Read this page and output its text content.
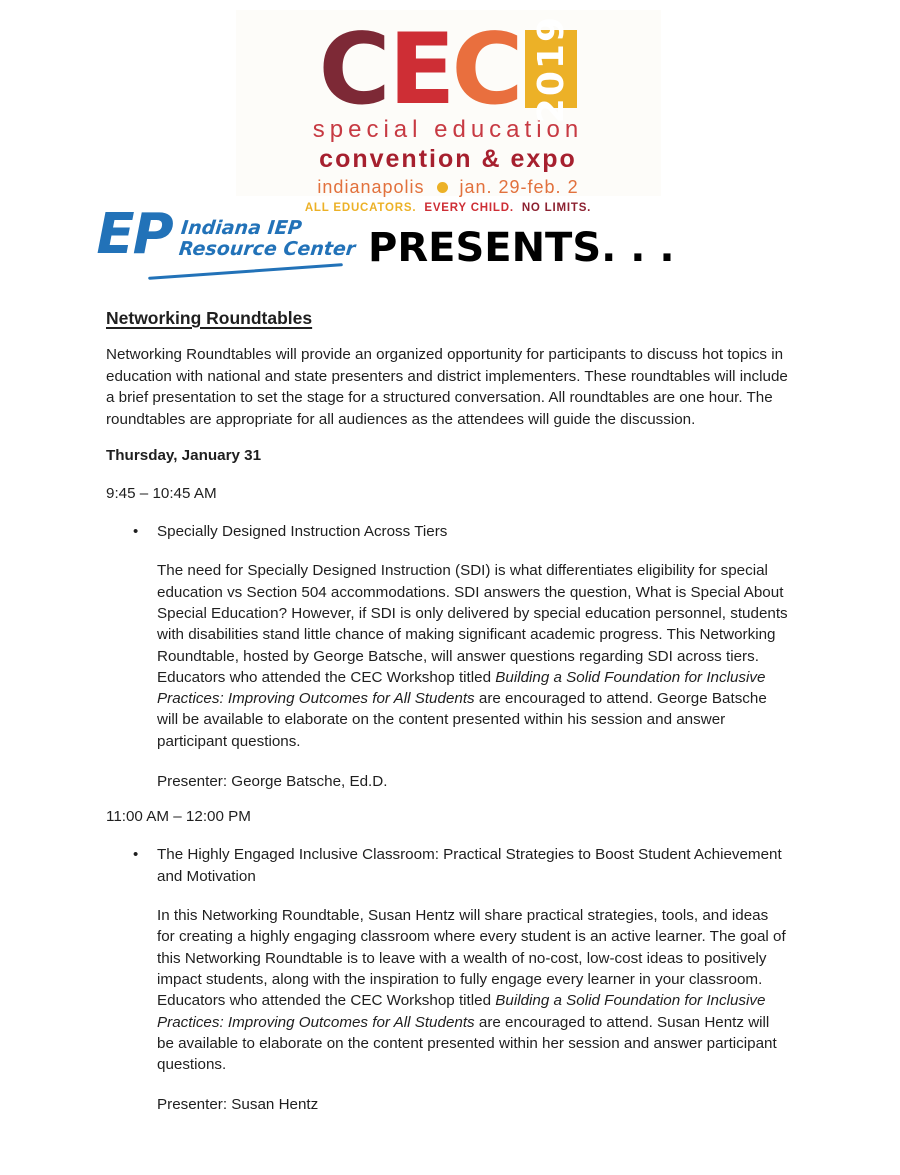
C E C 2019
special education
convention & expo
indianapolis jan. 29-feb. 2
ALL EDUCATORS. EVERY CHILD. NO LIMITS.
EP Indiana IEP
Resource Center PRESENTS. . .
Networking Roundtables
Networking Roundtables will provide an organized opportunity for participants to discuss hot topics in education with national and state presenters and district implementers. These roundtables will include a brief presentation to set the stage for a structured conversation. All roundtables are one hour. The roundtables are appropriate for all audiences as the attendees will guide the discussion.
Thursday, January 31
9:45 – 10:45 AM
•	Specially Designed Instruction Across Tiers
The need for Specially Designed Instruction (SDI) is what differentiates eligibility for special education vs Section 504 accommodations. SDI answers the question, What is Special About Special Education? However, if SDI is only delivered by special education personnel, students with disabilities stand little chance of making significant academic progress. This Networking Roundtable, hosted by George Batsche, will answer questions regarding SDI across tiers. Educators who attended the CEC Workshop titled Building a Solid Foundation for Inclusive Practices: Improving Outcomes for All Students are encouraged to attend. George Batsche will be available to elaborate on the content presented within his session and answer participant questions.
Presenter: George Batsche, Ed.D.
11:00 AM – 12:00 PM
•	The Highly Engaged Inclusive Classroom: Practical Strategies to Boost Student Achievement and Motivation
In this Networking Roundtable, Susan Hentz will share practical strategies, tools, and ideas for creating a highly engaging classroom where every student is an active learner. The goal of this Networking Roundtable is to leave with a wealth of no-cost, low-cost ideas to positively impact students, along with the inspiration to fully engage every learner in your classroom. Educators who attended the CEC Workshop titled Building a Solid Foundation for Inclusive Practices: Improving Outcomes for All Students are encouraged to attend. Susan Hentz will be available to elaborate on the content presented within her session and answer participant questions.
Presenter: Susan Hentz
